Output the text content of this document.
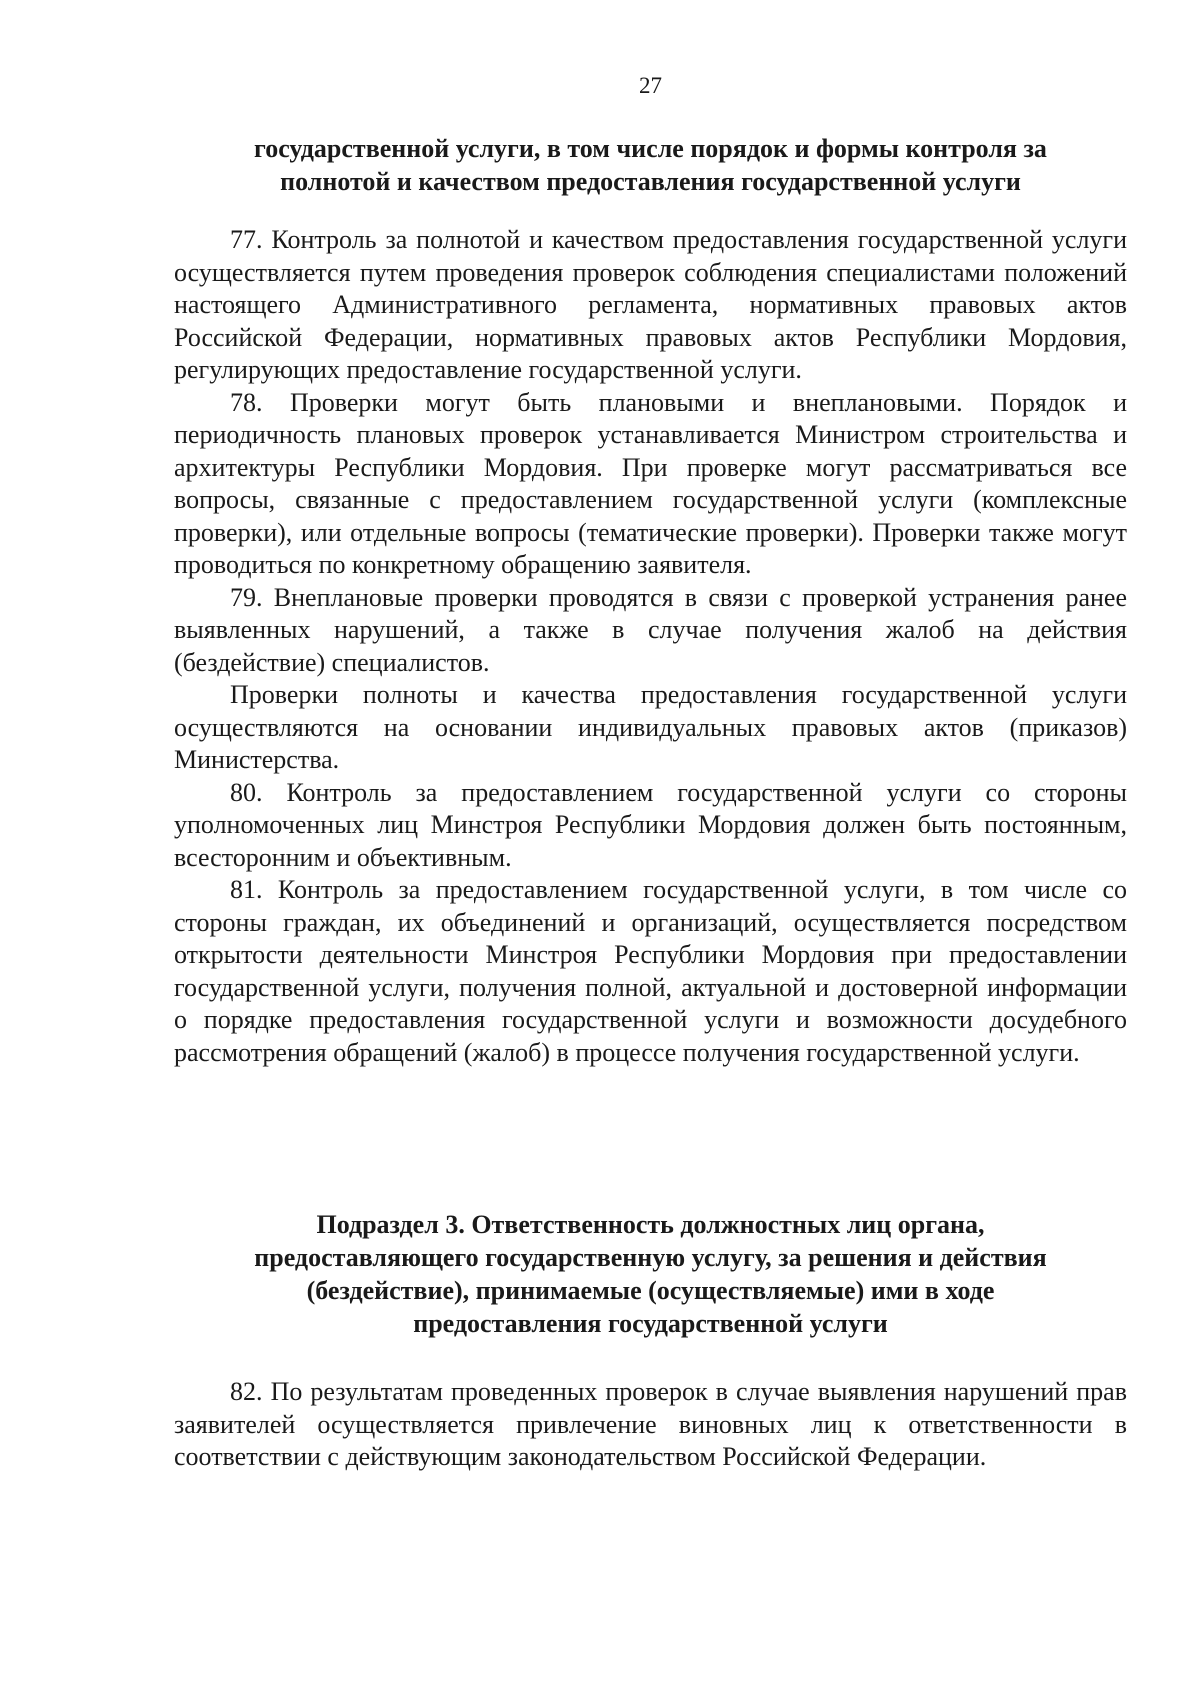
27

государственной услуги, в том числе порядок и формы контроля за

полнотой и качеством предоставления государственной услуги

77. Контроль за полнотой и качеством предоставления государственной услуги осуществляется путем проведения проверок соблюдения специалистами положений настоящего Административного регламента, нормативных правовых актов Российской Федерации, нормативных правовых актов Республики Мордовия, регулирующих предоставление государственной услуги.

78. Проверки могут быть плановыми и внеплановыми. Порядок и периодичность плановых проверок устанавливается Министром строительства и архитектуры Республики Мордовия. При проверке могут рассматриваться все вопросы, связанные с предоставлением государственной услуги (комплексные проверки), или отдельные вопросы (тематические проверки). Проверки также могут проводиться по конкретному обращению заявителя.

79. Внеплановые проверки проводятся в связи с проверкой устранения ранее выявленных нарушений, а также в случае получения жалоб на действия (бездействие) специалистов.

Проверки полноты и качества предоставления государственной услуги осуществляются на основании индивидуальных правовых актов (приказов) Министерства.

80. Контроль за предоставлением государственной услуги со стороны уполномоченных лиц Минстроя Республики Мордовия должен быть постоянным, всесторонним и объективным.

81. Контроль за предоставлением государственной услуги, в том числе со стороны граждан, их объединений и организаций, осуществляется посредством открытости деятельности Минстроя Республики Мордовия при предоставлении государственной услуги, получения полной, актуальной и достоверной информации о порядке предоставления государственной услуги и возможности досудебного рассмотрения обращений (жалоб) в процессе получения государственной услуги.

Подраздел 3. Ответственность должностных лиц органа,

предоставляющего государственную услугу, за решения и действия

(бездействие), принимаемые (осуществляемые) ими в ходе

предоставления государственной услуги

82. По результатам проведенных проверок в случае выявления нарушений прав заявителей осуществляется привлечение виновных лиц к ответственности в соответствии с действующим законодательством Российской Федерации.
